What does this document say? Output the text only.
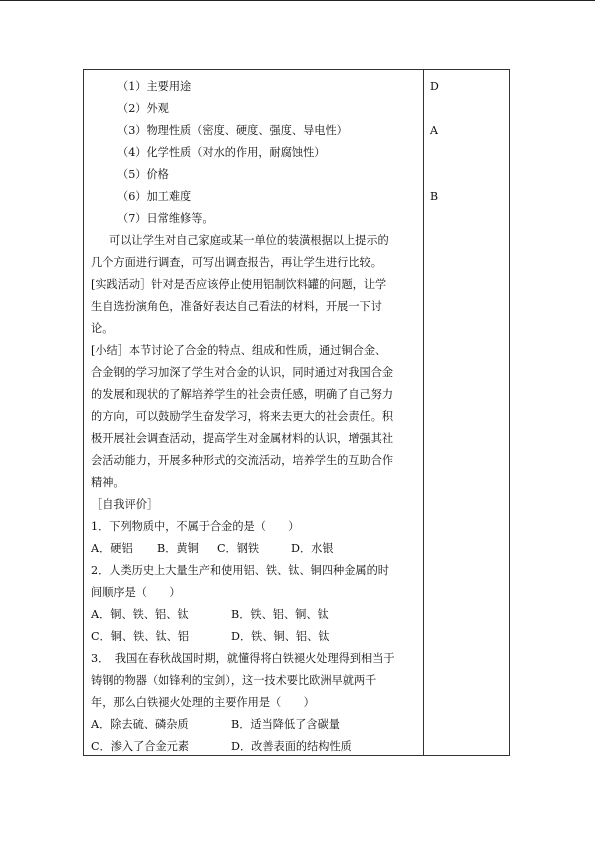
（1）主要用途
（2）外观
（3）物理性质（密度、硬度、强度、导电性）
（4）化学性质（对水的作用，耐腐蚀性）
（5）价格
（6）加工难度
（7）日常维修等。
可以让学生对自己家庭或某一单位的装潢根据以上提示的
几个方面进行调查，可写出调查报告，再让学生进行比较。
[实践活动］针对是否应该停止使用铝制饮料罐的问题，让学
生自选扮演角色，准备好表达自己看法的材料，开展一下讨
论。
[小结］本节讨论了合金的特点、组成和性质，通过铜合金、
合金钢的学习加深了学生对合金的认识，同时通过对我国合金
的发展和现状的了解培养学生的社会责任感，明确了自己努力
的方向，可以鼓励学生奋发学习，将来去更大的社会责任。积
极开展社会调查活动，提高学生对金属材料的认识，增强其社
会活动能力，开展多种形式的交流活动，培养学生的互助合作
精神。
［自我评价］
1．下列物质中，不属于合金的是（　　）
A．硬铝 B．黄铜 C．钢铁	D．水银
2．人类历史上大量生产和使用铝、铁、钛、铜四种金属的时
间顺序是（　　）
A．铜、铁、铝、钛	B．铁、铝、铜、钛
C．铜、铁、钛、铝	D．铁、铜、铝、钛
3．　我国在春秋战国时期，就懂得将白铁褪火处理得到相当于
铸钢的物器（如锋利的宝剑），这一技术要比欧洲早就两千
年，那么白铁褪火处理的主要作用是（　　）
A．除去硫、磷杂质	B．适当降低了含碳量
C．渗入了合金元素	D．改善表面的结构性质
D
A
B
